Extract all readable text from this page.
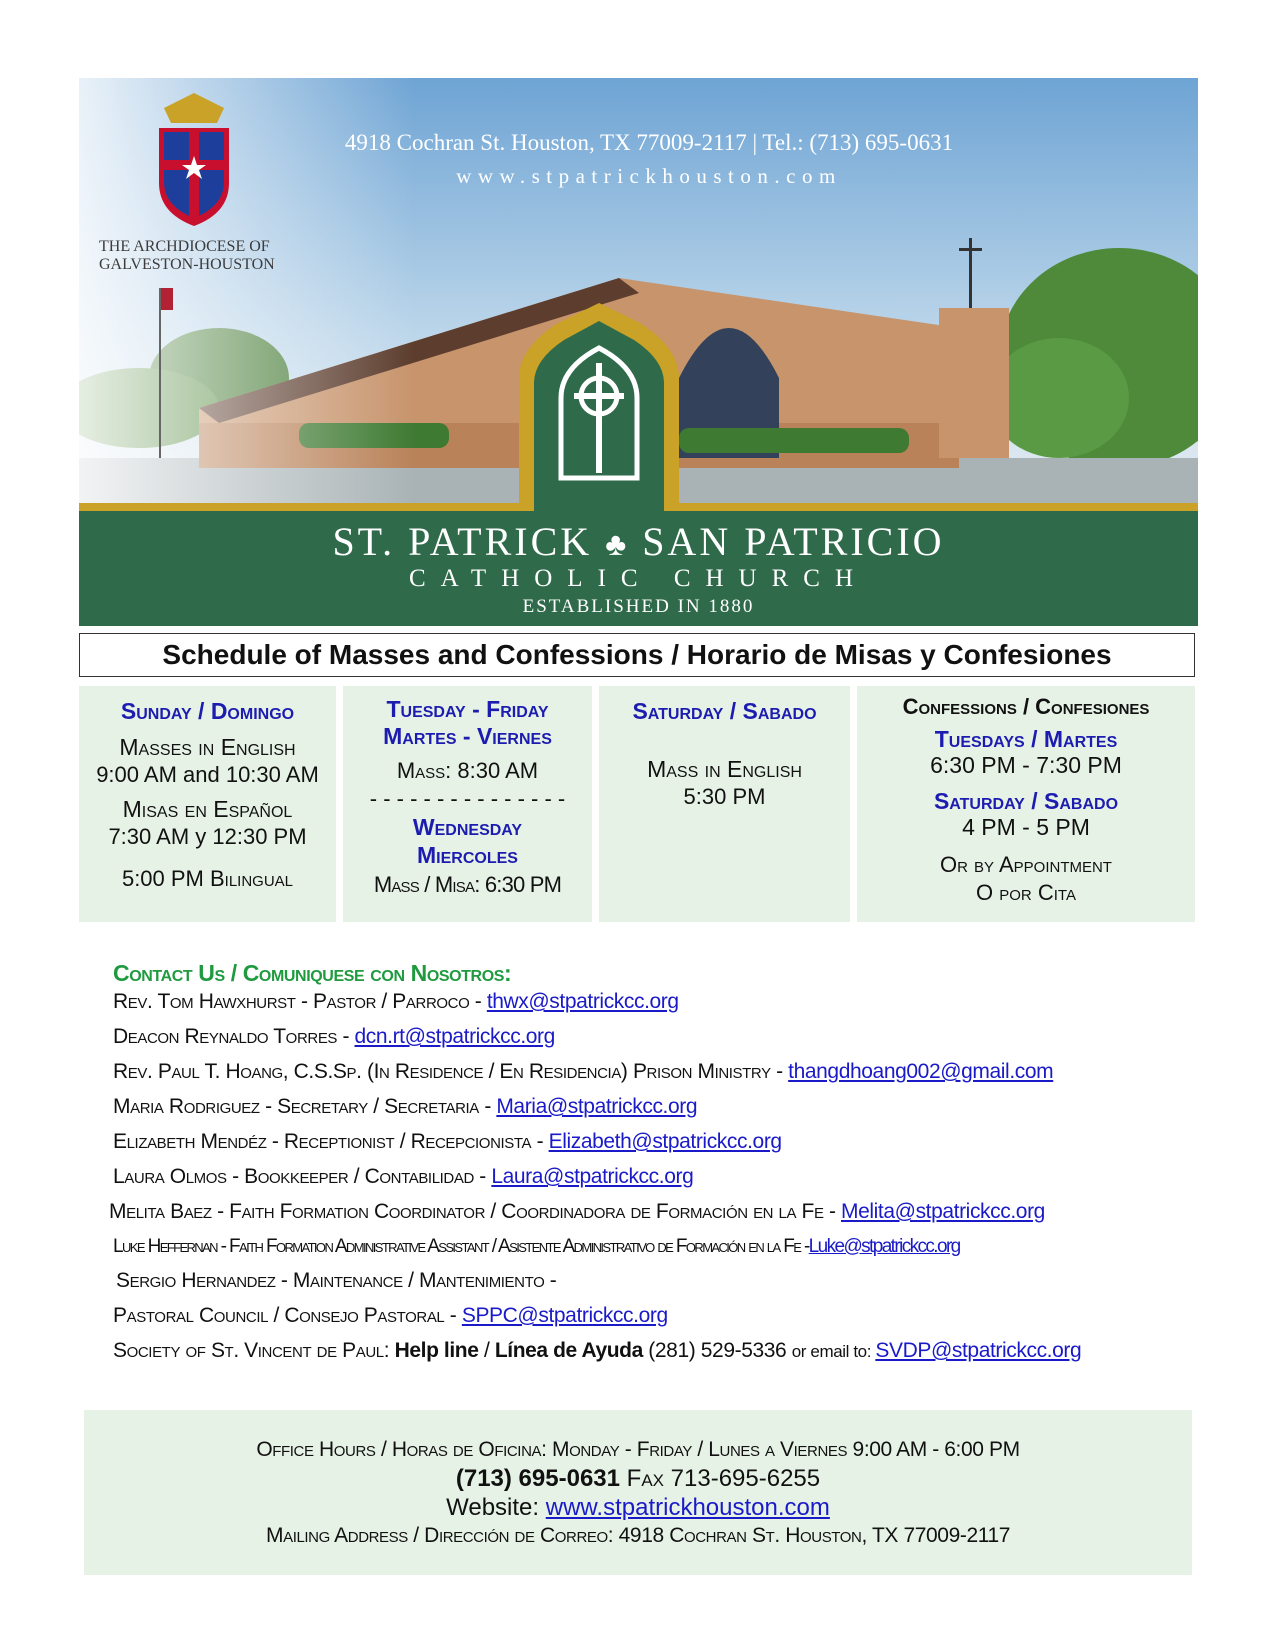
4918 Cochran St. Houston, TX 77009-2117 | Tel.: (713) 695-0631
www.stpatrickhouston.com
THE ARCHDIOCESE OF
GALVESTON-HOUSTON
ST. PATRICK ♣ SAN PATRICIO
CATHOLIC CHURCH
ESTABLISHED IN 1880
Schedule of Masses and Confessions / Horario de Misas y Confesiones
Sunday / Domingo
Masses in English
9:00 AM and 10:30 AM
Misas en Español
7:30 AM y 12:30 PM
5:00 PM Bilingual
Tuesday - Friday
Martes - Viernes
Mass: 8:30 AM
- - - - - - - - - - - - - - -
Wednesday
Miercoles
Mass / Misa: 6:30 PM
Saturday / Sabado
Mass in English
5:30 PM
Confessions / Confesiones
Tuesdays / Martes
6:30 PM - 7:30 PM
Saturday / Sabado
4 PM - 5 PM
Or by Appointment
O por Cita
Contact Us / Comuniquese con Nosotros:
Rev. Tom Hawxhurst - Pastor / Parroco - thwx@stpatrickcc.org
Deacon Reynaldo Torres - dcn.rt@stpatrickcc.org
Rev. Paul T. Hoang, C.S.Sp. (In Residence / En Residencia) Prison Ministry - thangdhoang002@gmail.com
Maria Rodriguez - Secretary / Secretaria - Maria@stpatrickcc.org
Elizabeth Mendéz - Receptionist / Recepcionista - Elizabeth@stpatrickcc.org
Laura Olmos - Bookkeeper / Contabilidad - Laura@stpatrickcc.org
Melita Baez - Faith Formation Coordinator / Coordinadora de Formación en la Fe - Melita@stpatrickcc.org
Luke Heffernan - Faith Formation Administrative Assistant / Asistente Administrativo de Formación en la Fe -Luke@stpatrickcc.org
Sergio Hernandez - Maintenance / Mantenimiento -
Pastoral Council / Consejo Pastoral - SPPC@stpatrickcc.org
Society of St. Vincent de Paul: Help line / Línea de Ayuda (281) 529-5336 or email to: SVDP@stpatrickcc.org
Office Hours / Horas de Oficina: Monday - Friday / Lunes a Viernes 9:00 AM - 6:00 PM
(713) 695-0631 Fax 713-695-6255
Website: www.stpatrickhouston.com
Mailing Address / Dirección de Correo: 4918 Cochran St. Houston, TX 77009-2117
